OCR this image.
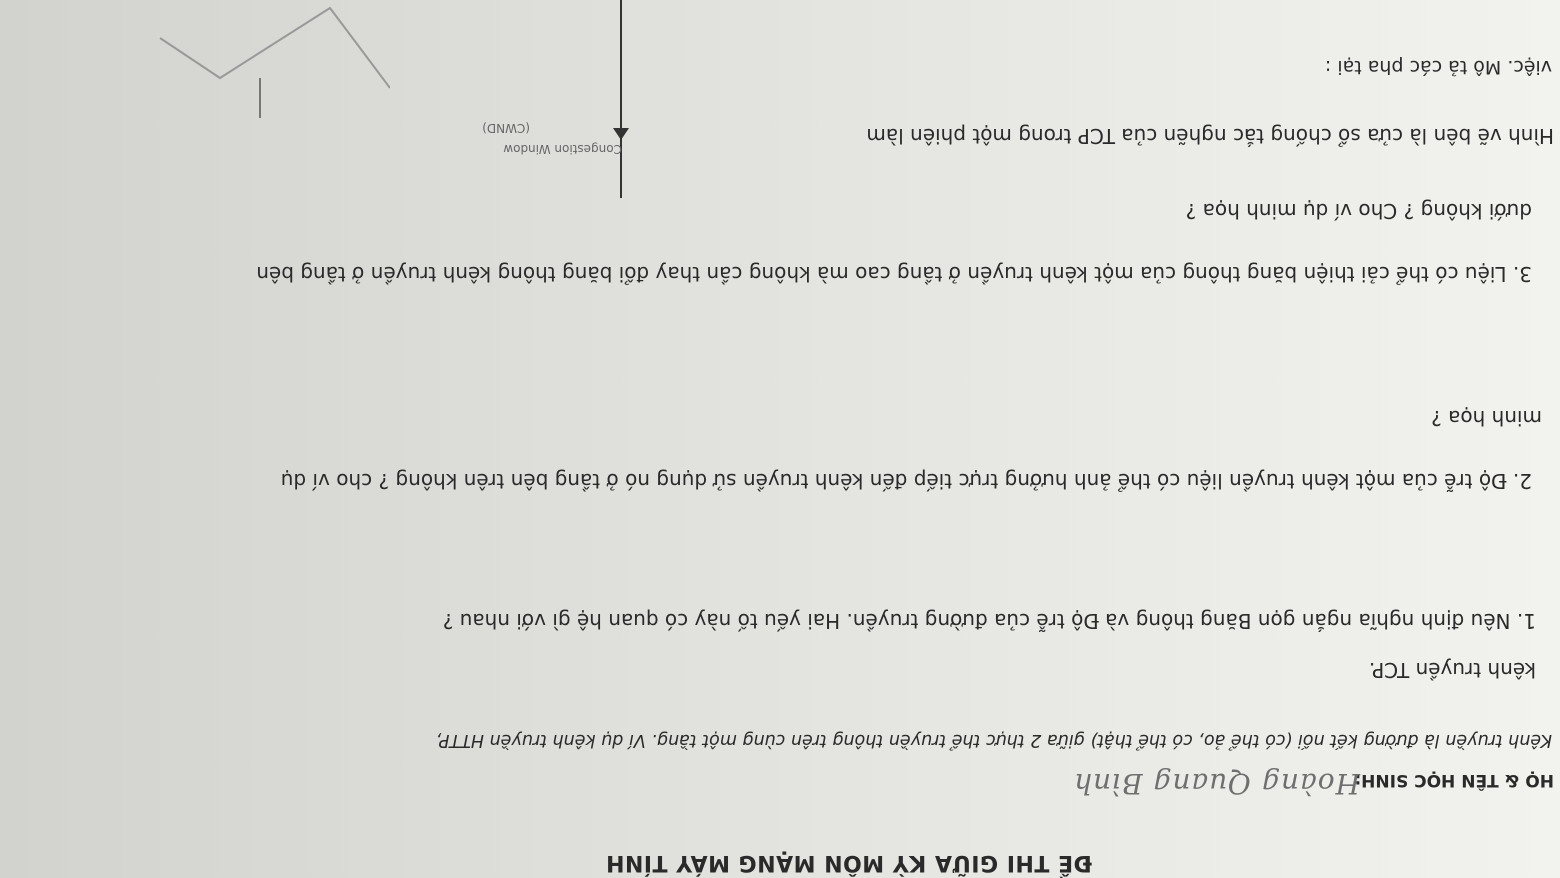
ĐỀ THI GIỮA KỲ MÔN MẠNG MÁY TÍNH
HỌ & TÊN HỌC SINH:
Hoàng Quang Bình
Kênh truyền là đường kết nối (có thể ảo, có thể thật) giữa 2 thực thể truyền thông trên cùng một tầng. Ví dụ kênh truyền HTTP,
kênh truyền TCP.
1. Nêu định nghĩa ngắn gọn Băng thông và Độ trễ của đường truyền. Hai yếu tố này có quan hệ gì với nhau ?
2. Độ trễ của một kênh truyền liệu có thể ảnh hưởng trực tiếp đến kênh truyền sử dụng nó ở tầng bên trên không ? cho ví dụ
minh họa ?
3. Liệu có thể cải thiện băng thông của một kênh truyền ở tầng cao mà không cần thay đổi băng thông kênh truyền ở tầng bên
dưới không ? Cho ví dụ minh họa ?
Hình vẽ bên là cửa sổ chống tắc nghẽn của TCP trong một phiên làm
việc. Mô tả các pha tại :
Congestion Window
(CWND)
